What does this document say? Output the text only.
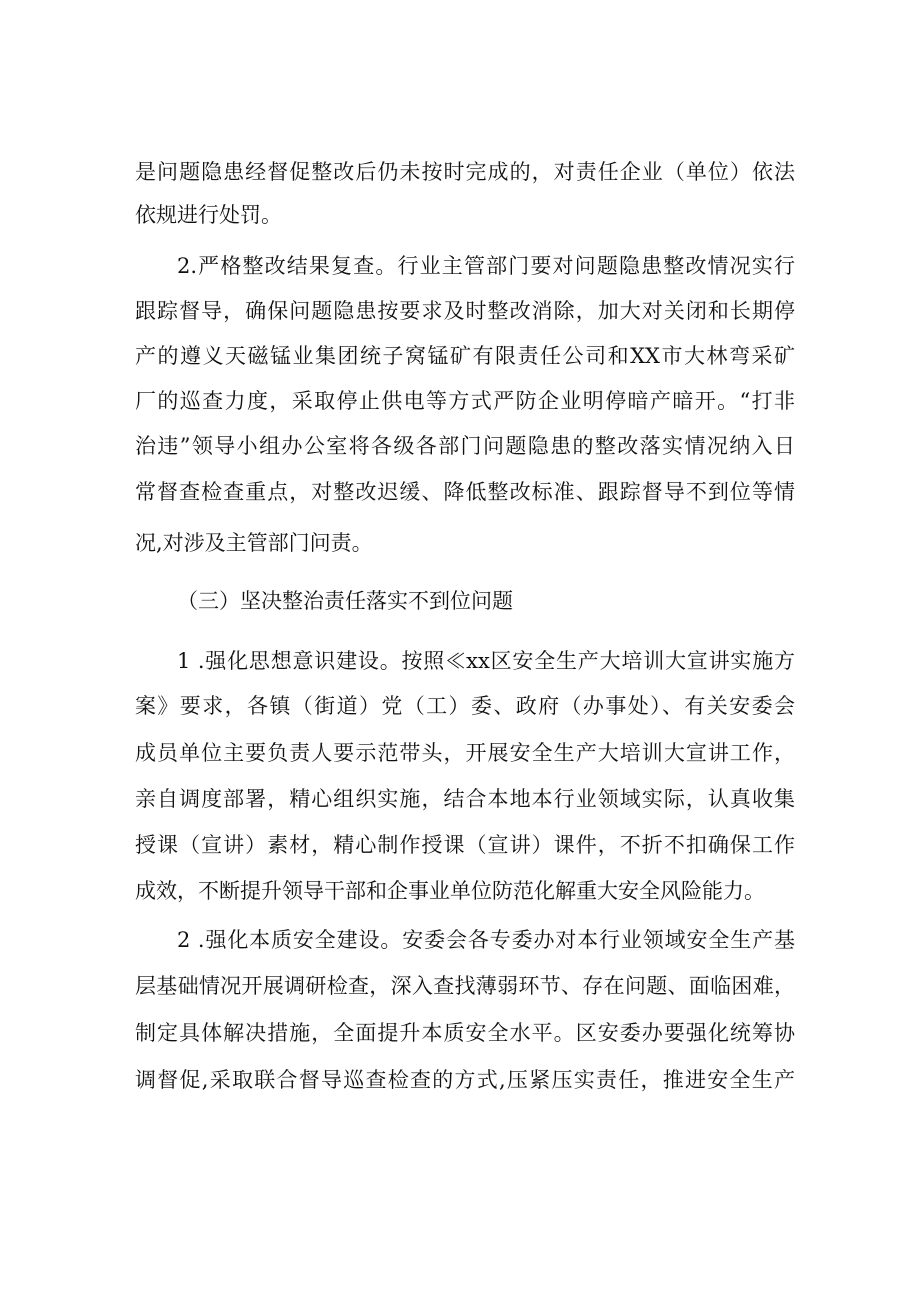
是问题隐患经督促整改后仍未按时完成的，对责任企业（单位）依法
依规进行处罚。
2.严格整改结果复查。行业主管部门要对问题隐患整改情况实行
跟踪督导，确保问题隐患按要求及时整改消除，加大对关闭和长期停
产的遵义天磁锰业集团统子窝锰矿有限责任公司和XX市大林弯采矿
厂的巡查力度，采取停止供电等方式严防企业明停暗产暗开。“打非
治违”领导小组办公室将各级各部门问题隐患的整改落实情况纳入日
常督查检查重点，对整改迟缓、降低整改标准、跟踪督导不到位等情
况,对涉及主管部门问责。
（三）坚决整治责任落实不到位问题
1 .强化思想意识建设。按照≪xx区安全生产大培训大宣讲实施方
案》要求，各镇（街道）党（工）委、政府（办事处）、有关安委会
成员单位主要负责人要示范带头，开展安全生产大培训大宣讲工作，
亲自调度部署，精心组织实施，结合本地本行业领域实际，认真收集
授课（宣讲）素材，精心制作授课（宣讲）课件，不折不扣确保工作
成效，不断提升领导干部和企事业单位防范化解重大安全风险能力。
2 .强化本质安全建设。安委会各专委办对本行业领域安全生产基
层基础情况开展调研检查，深入查找薄弱环节、存在问题、面临困难，
制定具体解决措施，全面提升本质安全水平。区安委办要强化统筹协
调督促,采取联合督导巡查检查的方式,压紧压实责任，推进安全生产
